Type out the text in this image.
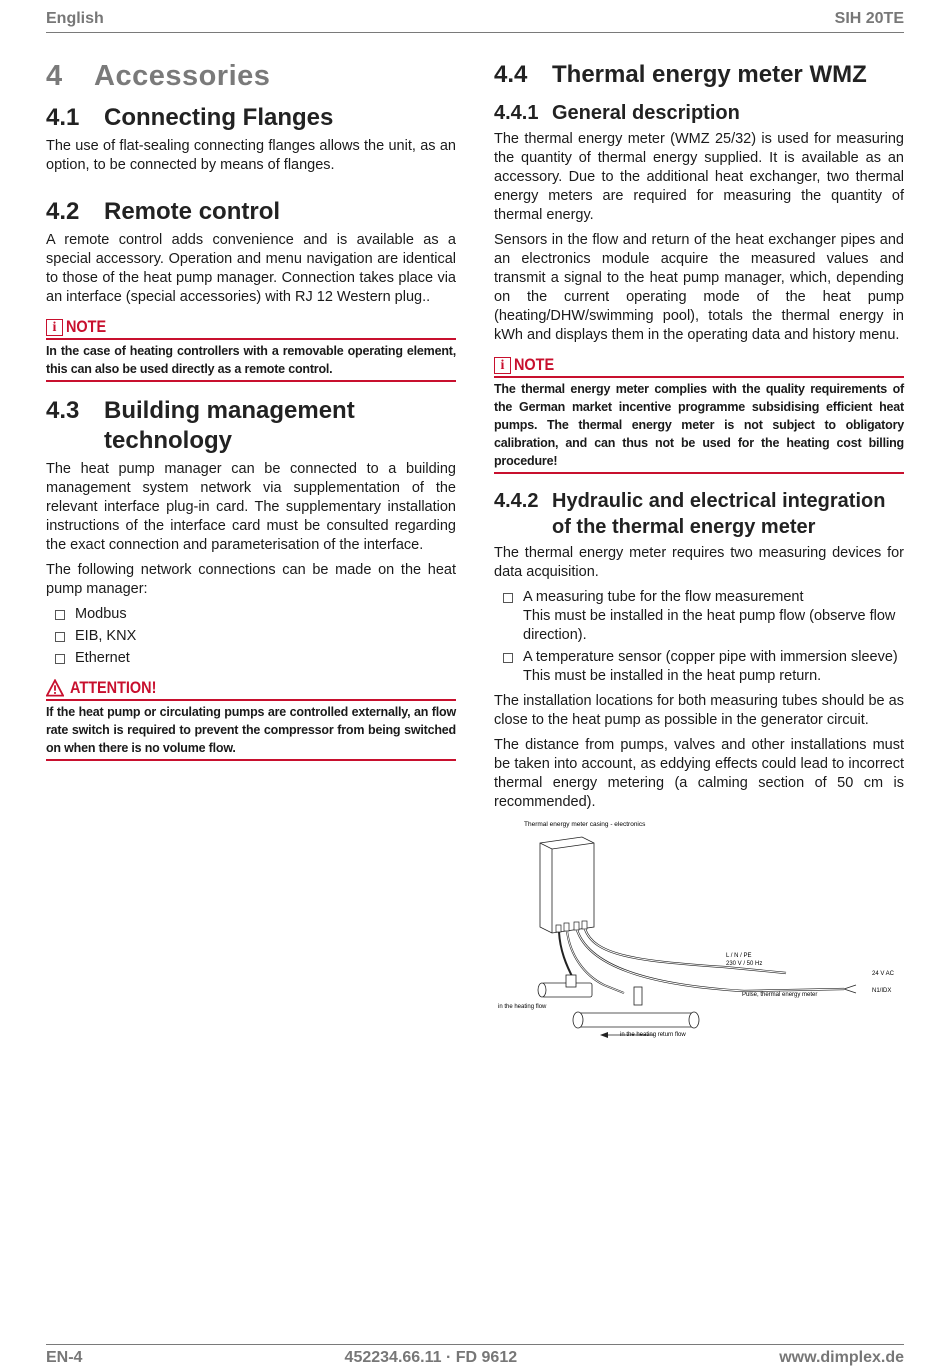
English	SIH 20TE
4 Accessories
4.1	Connecting Flanges

The use of flat-sealing connecting flanges allows the unit, as an option, to be connected by means of flanges.

4.2	Remote control

A remote control adds convenience and is available as a special accessory. Operation and menu navigation are identical to those of the heat pump manager. Connection takes place via an interface (special accessories) with RJ 12 Western plug..

i NOTE
In the case of heating controllers with a removable operating element, this can also be used directly as a remote control.
4.3	Building management
technology

The heat pump manager can be connected to a building management system network via supplementation of the relevant interface plug-in card. The supplementary installation instructions of the interface card must be consulted regarding the exact connection and parameterisation of the interface.

The following network connections can be made on the heat pump manager:

Modbus
EIB, KNX
Ethernet
ATTENTION!
If the heat pump or circulating pumps are controlled externally, an flow rate switch is required to prevent the compressor from being switched on when there is no volume flow.
4.4	Thermal energy meter WMZ
4.4.1 General description

The thermal energy meter (WMZ 25/32) is used for measuring the quantity of thermal energy supplied. It is available as an accessory. Due to the additional heat exchanger, two thermal energy meters are required for measuring the quantity of thermal energy.

Sensors in the flow and return of the heat exchanger pipes and an electronics module acquire the measured values and transmit a signal to the heat pump manager, which, depending on the current operating mode of the heat pump (heating/DHW/swimming pool), totals the thermal energy in kWh and displays them in the operating data and history menu.

i NOTE
The thermal energy meter complies with the quality requirements of the German market incentive programme subsidising efficient heat pumps. The thermal energy meter is not subject to obligatory calibration, and can thus not be used for the heating cost billing procedure!
4.4.2 Hydraulic and electrical integration
of the thermal energy meter

The thermal energy meter requires two measuring devices for data acquisition.

A measuring tube for the flow measurement
This must be installed in the heat pump flow (observe flow direction).
A temperature sensor (copper pipe with immersion sleeve)
This must be installed in the heat pump return.

The installation locations for both measuring tubes should be as close to the heat pump as possible in the generator circuit.

The distance from pumps, valves and other installations must be taken into account, as eddying effects could lead to incorrect thermal energy metering (a calming section of 50 cm is recommended).

Thermal energy meter casing - electronics
in the heating flow
in the heating return flow
L / N / PE
230 V / 50 Hz
24 V AC
N1/IDX
Pulse, thermal energy meter
EN-4	452234.66.11 · FD 9612	www.dimplex.de
